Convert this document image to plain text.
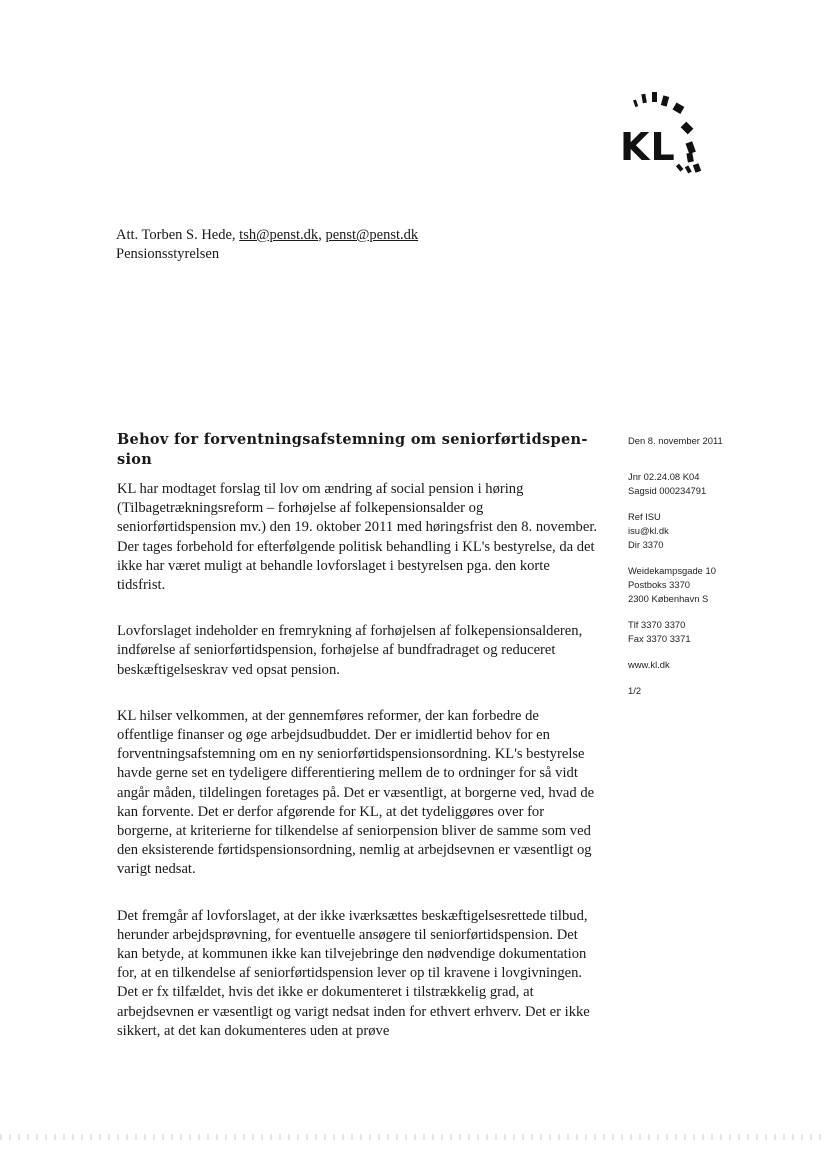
KL
Att. Torben S. Hede, tsh@penst.dk, penst@penst.dk
Pensionsstyrelsen
Behov for forventningsafstemning om seniorførtidspen-sion

KL har modtaget forslag til lov om ændring af social pension i høring (Tilbagetrækningsreform – forhøjelse af folkepensionsalder og seniorførtidspension mv.) den 19. oktober 2011 med høringsfrist den 8. november. Der tages forbehold for efterfølgende politisk behandling i KL's bestyrelse, da det ikke har været muligt at behandle lovforslaget i bestyrelsen pga. den korte tidsfrist.

Lovforslaget indeholder en fremrykning af forhøjelsen af folkepensionsalderen, indførelse af seniorførtidspension, forhøjelse af bundfradraget og reduceret beskæftigelseskrav ved opsat pension.

KL hilser velkommen, at der gennemføres reformer, der kan forbedre de offentlige finanser og øge arbejdsudbuddet. Der er imidlertid behov for en forventningsafstemning om en ny seniorførtidspensionsordning. KL's bestyrelse havde gerne set en tydeligere differentiering mellem de to ordninger for så vidt angår måden, tildelingen foretages på. Det er væsentligt, at borgerne ved, hvad de kan forvente. Det er derfor afgørende for KL, at det tydeliggøres over for borgerne, at kriterierne for tilkendelse af seniorpension bliver de samme som ved den eksisterende førtidspensionsordning, nemlig at arbejdsevnen er væsentligt og varigt nedsat.

Det fremgår af lovforslaget, at der ikke iværksættes beskæftigelsesrettede tilbud, herunder arbejdsprøvning, for eventuelle ansøgere til seniorførtidspension. Det kan betyde, at kommunen ikke kan tilvejebringe den nødvendige dokumentation for, at en tilkendelse af seniorførtidspension lever op til kravene i lovgivningen. Det er fx tilfældet, hvis det ikke er dokumenteret i tilstrækkelig grad, at arbejdsevnen er væsentligt og varigt nedsat inden for ethvert erhverv. Det er ikke sikkert, at det kan dokumenteres uden at prøve

Den 8. november 2011
Jnr 02.24.08 K04
Sagsid 000234791
Ref ISU
isu@kl.dk
Dir 3370
Weidekampsgade 10
Postboks 3370
2300 København S
Tlf 3370 3370
Fax 3370 3371
www.kl.dk
1/2
